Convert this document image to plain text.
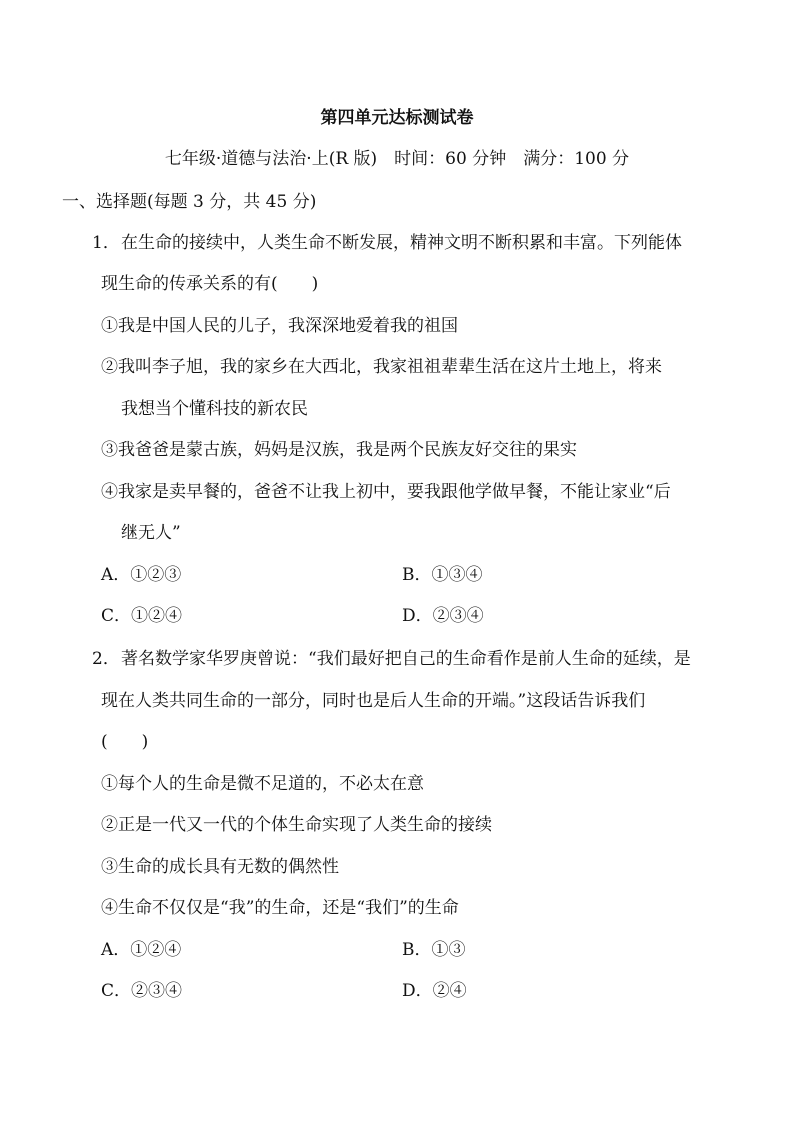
第四单元达标测试卷
七年级·道德与法治·上(R 版)　时间：60 分钟　满分：100 分
一、选择题(每题 3 分，共 45 分)
1． 在生命的接续中，人类生命不断发展，精神文明不断积累和丰富。下列能体
现生命的传承关系的有(　　)
①我是中国人民的儿子，我深深地爱着我的祖国
②我叫李子旭，我的家乡在大西北，我家祖祖辈辈生活在这片土地上，将来
我想当个懂科技的新农民
③我爸爸是蒙古族，妈妈是汉族，我是两个民族友好交往的果实
④我家是卖早餐的，爸爸不让我上初中，要我跟他学做早餐，不能让家业“后
继无人”
A．①②③	B．①③④
C．①②④	D．②③④
2． 著名数学家华罗庚曾说：“我们最好把自己的生命看作是前人生命的延续，是
现在人类共同生命的一部分，同时也是后人生命的开端。”这段话告诉我们
(　　)
①每个人的生命是微不足道的，不必太在意
②正是一代又一代的个体生命实现了人类生命的接续
③生命的成长具有无数的偶然性
④生命不仅仅是“我”的生命，还是“我们”的生命
A．①②④	B．①③
C．②③④	D．②④
